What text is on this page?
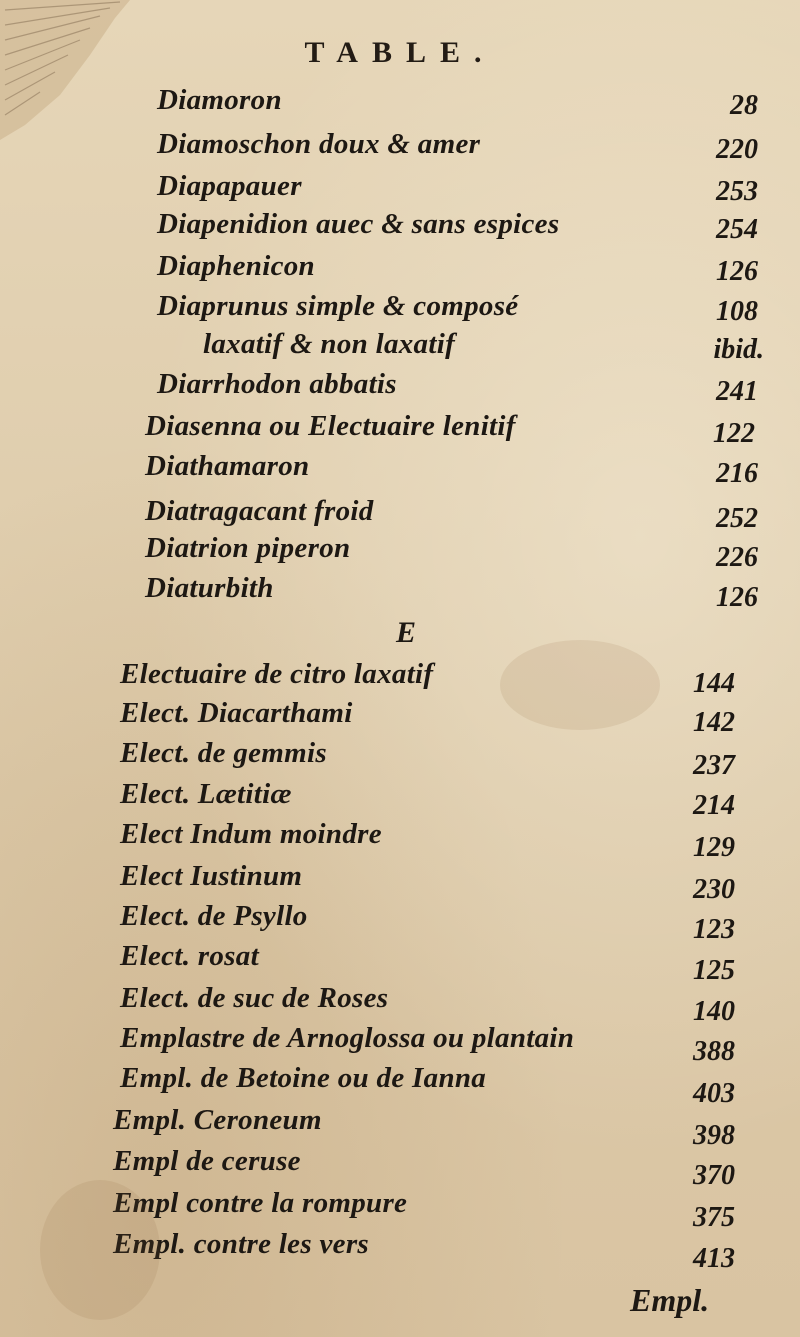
TABLE.
Diamoron	28
Diamoschon doux & amer	220
Diapapauer	253
Diapenidion auec & sans espices	254
Diaphenicon	126
Diaprunus simple & composé	108
laxatif & non laxatif	ibid.
Diarrhodon abbatis	241
Diasenna ou Electuaire lenitif	122
Diathamaron	216
Diatragacant froid	252
Diatrion piperon	226
Diaturbith	126
E
Electuaire de citro laxatif	144
Elect. Diacarthami	142
Elect. de gemmis	237
Elect. Lætitiæ	214
Elect Indum moindre	129
Elect Iustinum	230
Elect. de Psyllo	123
Elect. rosat	125
Elect. de suc de Roses	140
Emplastre de Arnoglossa ou plantain	388
Empl. de Betoine ou de Ianna	403
Empl. Ceroneum	398
Empl de ceruse	370
Empl contre la rompure	375
Empl. contre les vers	413
Empl.
